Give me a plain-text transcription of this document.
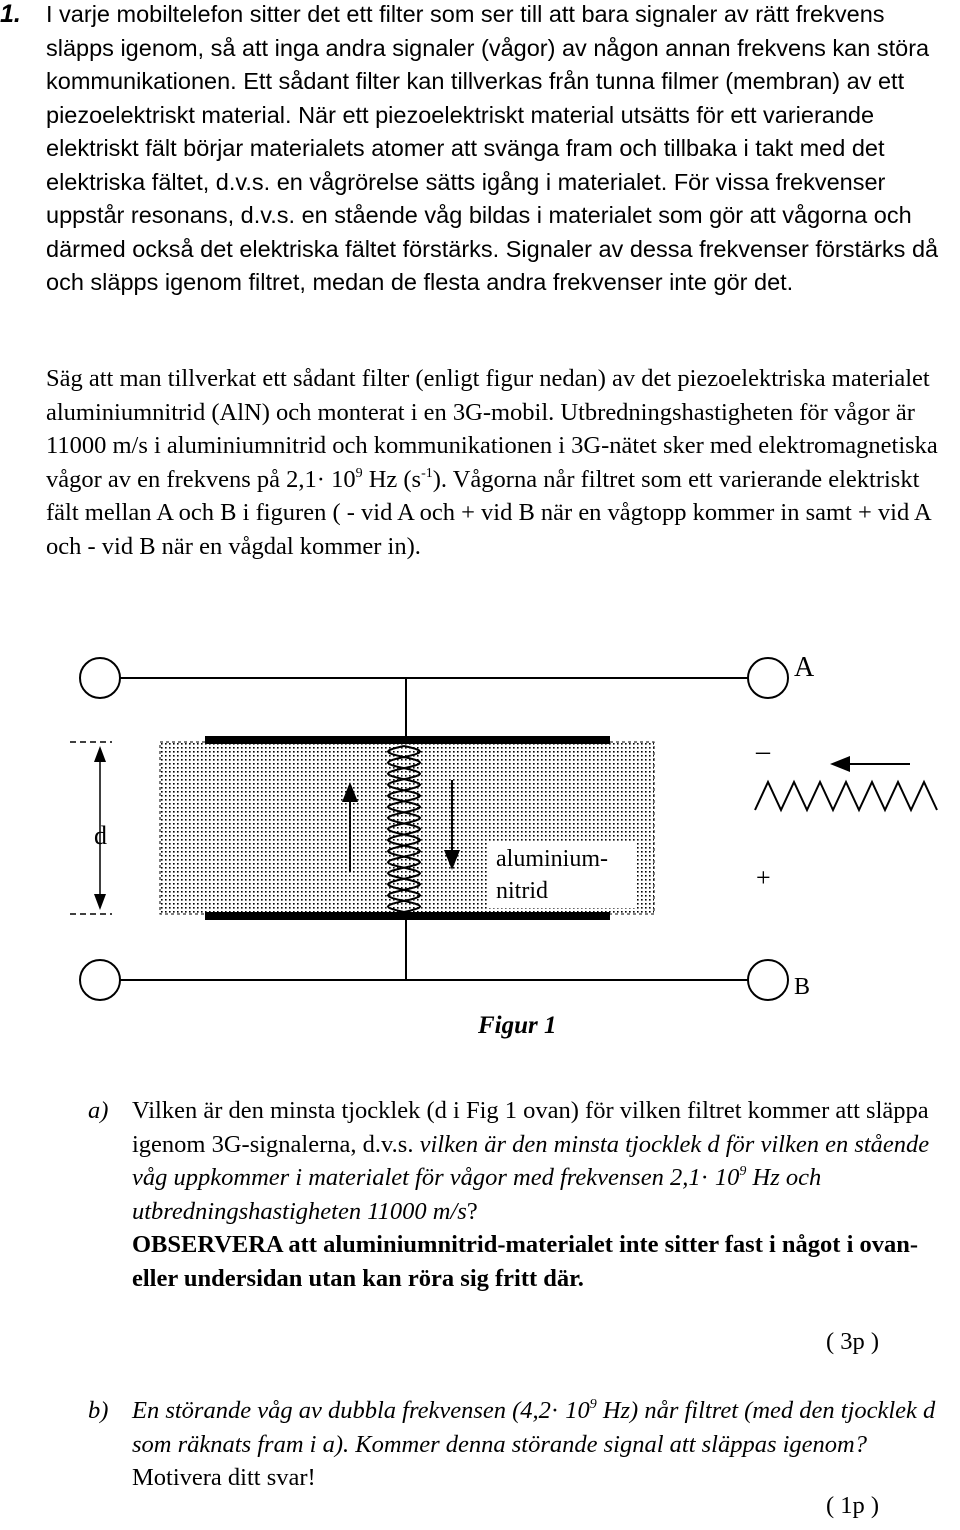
1. I varje mobiltelefon sitter det ett filter som ser till att bara signaler av rätt frekvens släpps igenom, så att inga andra signaler (vågor) av någon annan frekvens kan störa kommunikationen. Ett sådant filter kan tillverkas från tunna filmer (membran) av ett piezoelektriskt material. När ett piezoelektriskt material utsätts för ett varierande elektriskt fält börjar materialets atomer att svänga fram och tillbaka i takt med det elektriska fältet, d.v.s. en vågrörelse sätts igång i materialet. För vissa frekvenser uppstår resonans, d.v.s. en stående våg bildas i materialet som gör att vågorna och därmed också det elektriska fältet förstärks. Signaler av dessa frekvenser förstärks då och släpps igenom filtret, medan de flesta andra frekvenser inte gör det.

Säg att man tillverkat ett sådant filter (enligt figur nedan) av det piezoelektriska materialet aluminiumnitrid (AlN) och monterat i en 3G-mobil. Utbredningshastigheten för vågor är 11000 m/s i aluminiumnitrid och kommunikationen i 3G-nätet sker med elektromagnetiska vågor av en frekvens på $2,1\cdot 10^9$ Hz $(s^{-1})$. Vågorna når filtret som ett varierande elektriskt fält mellan A och B i figuren ( - vid A och + vid B när en vågtopp kommer in samt + vid A och - vid B när en vågdal kommer in).

A
B
–
+
d
aluminium-
nitrid

Figur 1

a) Vilken är den minsta tjocklek (d i Fig 1 ovan) för vilken filtret kommer att släppa igenom 3G-signalerna, d.v.s. vilken är den minsta tjocklek d för vilken en stående våg uppkommer i materialet för vågor med frekvensen $2,1\cdot 10^9$ Hz och utbredningshastigheten 11000 m/s?
OBSERVERA att aluminiumnitrid-materialet inte sitter fast i något i ovan- eller undersidan utan kan röra sig fritt där.

( 3p )

b) En störande våg av dubbla frekvensen ($4,2\cdot 10^9$ Hz) når filtret (med den tjocklek d som räknats fram i a). Kommer denna störande signal att släppas igenom? Motivera ditt svar!

( 1p )
